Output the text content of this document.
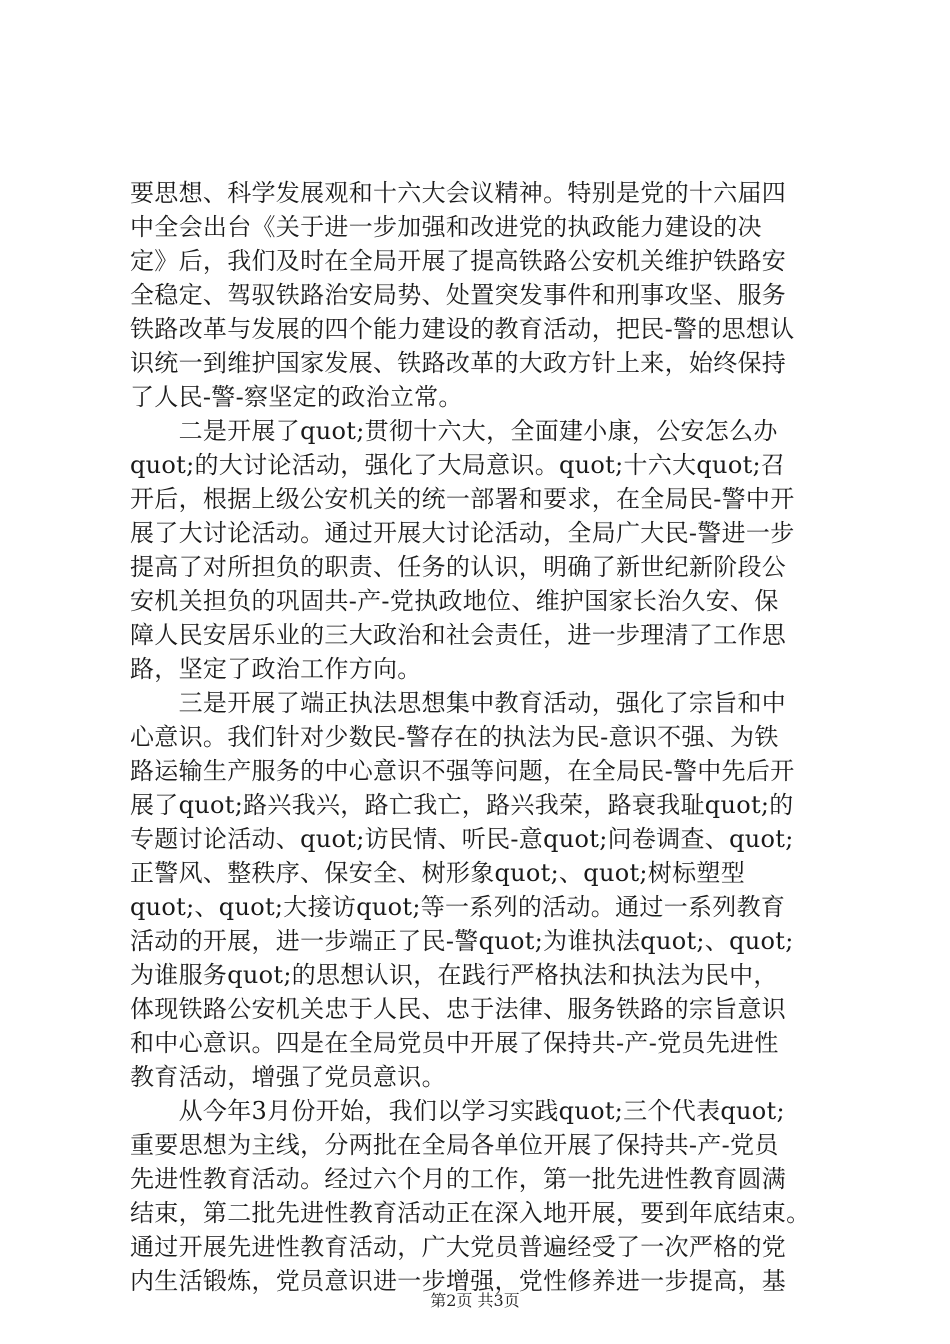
要思想、科学发展观和十六大会议精神。特别是党的十六届四
中全会出台《关于进一步加强和改进党的执政能力建设的决
定》后，我们及时在全局开展了提高铁路公安机关维护铁路安
全稳定、驾驭铁路治安局势、处置突发事件和刑事攻坚、服务
铁路改革与发展的四个能力建设的教育活动，把民-警的思想认
识统一到维护国家发展、铁路改革的大政方针上来，始终保持
了人民-警-察坚定的政治立常。
　　二是开展了quot;贯彻十六大，全面建小康，公安怎么办
quot;的大讨论活动，强化了大局意识。quot;十六大quot;召
开后，根据上级公安机关的统一部署和要求，在全局民-警中开
展了大讨论活动。通过开展大讨论活动，全局广大民-警进一步
提高了对所担负的职责、任务的认识，明确了新世纪新阶段公
安机关担负的巩固共-产-党执政地位、维护国家长治久安、保
障人民安居乐业的三大政治和社会责任，进一步理清了工作思
路，坚定了政治工作方向。
　　三是开展了端正执法思想集中教育活动，强化了宗旨和中
心意识。我们针对少数民-警存在的执法为民-意识不强、为铁
路运输生产服务的中心意识不强等问题，在全局民-警中先后开
展了quot;路兴我兴，路亡我亡，路兴我荣，路衰我耻quot;的
专题讨论活动、quot;访民情、听民-意quot;问卷调查、quot;
正警风、整秩序、保安全、树形象quot;、quot;树标塑型
quot;、quot;大接访quot;等一系列的活动。通过一系列教育
活动的开展，进一步端正了民-警quot;为谁执法quot;、quot;
为谁服务quot;的思想认识，在践行严格执法和执法为民中，
体现铁路公安机关忠于人民、忠于法律、服务铁路的宗旨意识
和中心意识。四是在全局党员中开展了保持共-产-党员先进性
教育活动，增强了党员意识。
　　从今年3月份开始，我们以学习实践quot;三个代表quot;
重要思想为主线，分两批在全局各单位开展了保持共-产-党员
先进性教育活动。经过六个月的工作，第一批先进性教育圆满
结束，第二批先进性教育活动正在深入地开展，要到年底结束。
通过开展先进性教育活动，广大党员普遍经受了一次严格的党
内生活锻炼，党员意识进一步增强，党性修养进一步提高，基
第2页 共3页
